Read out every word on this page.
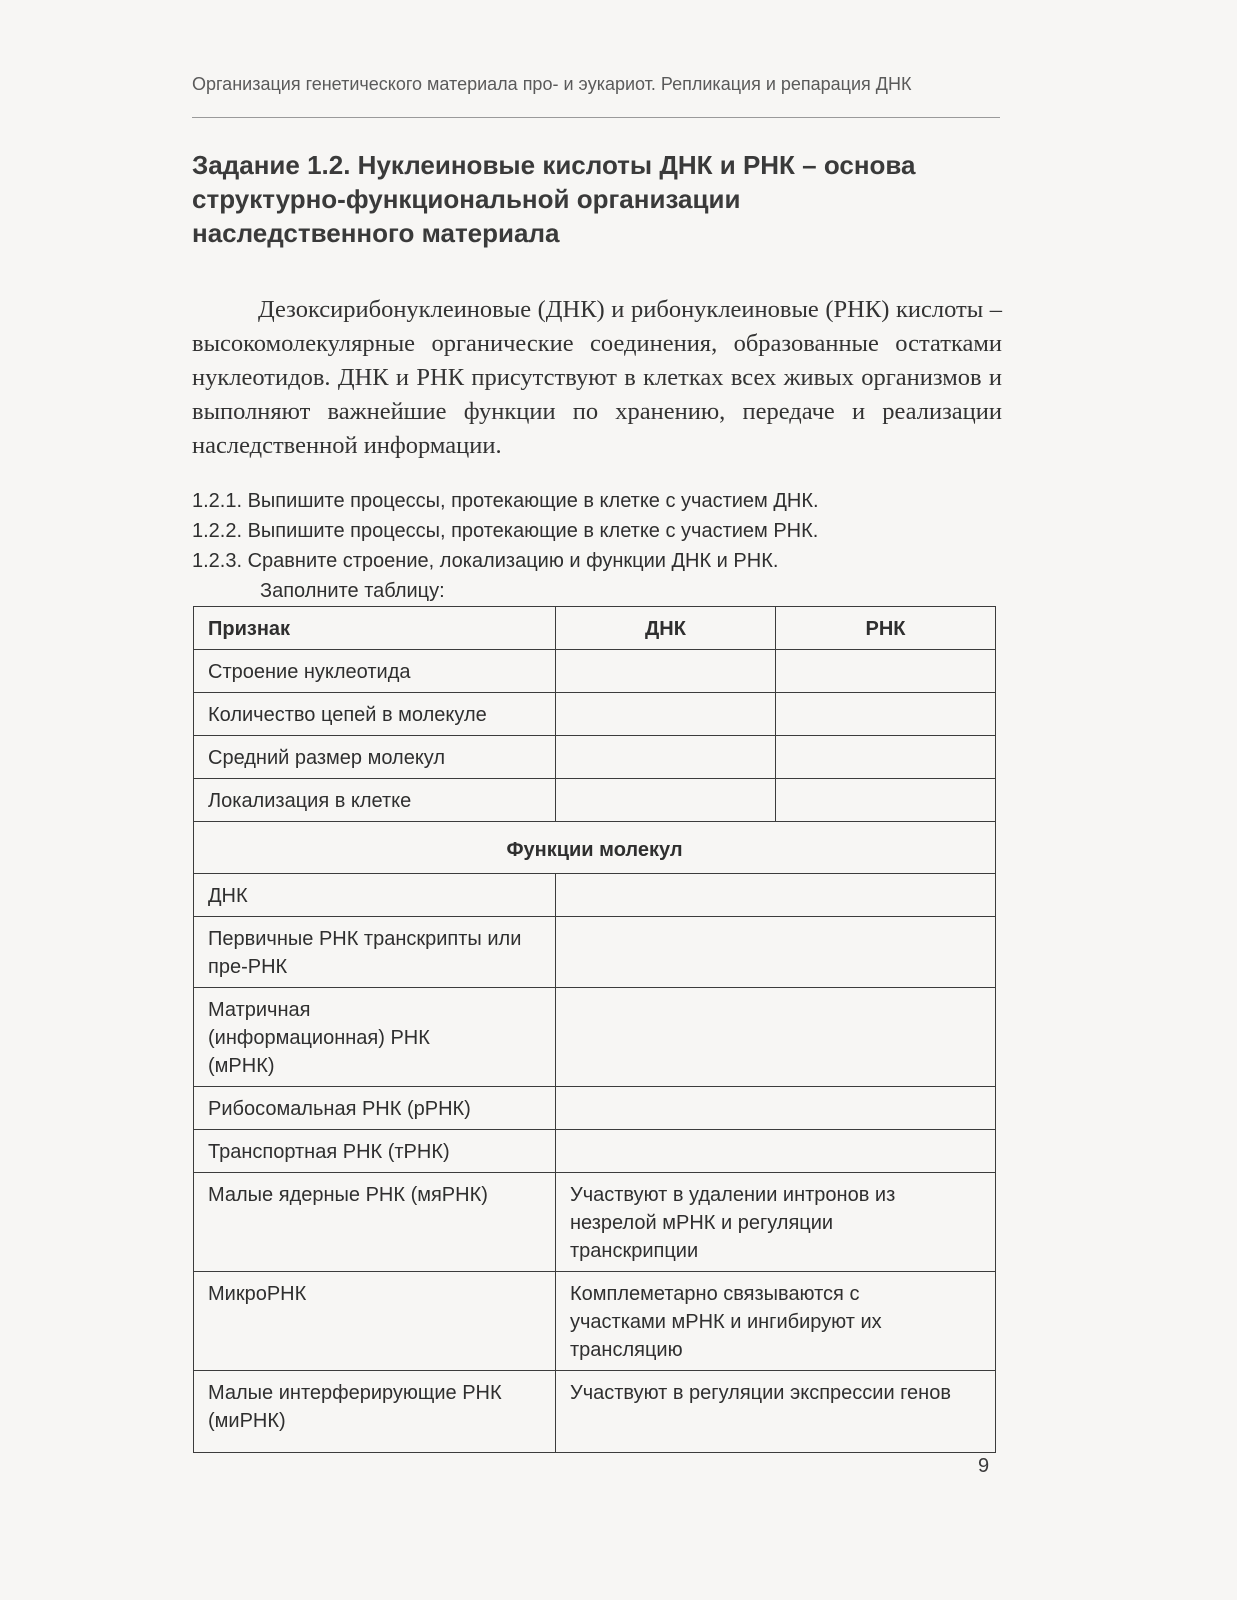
Организация генетического материала про- и эукариот. Репликация и репарация ДНК
Задание 1.2. Нуклеиновые кислоты ДНК и РНК – основа
структурно-функциональной организации
наследственного материала
Дезоксирибонуклеиновые (ДНК) и рибонуклеиновые (РНК) кислоты – высокомолекулярные органические соединения, образованные остатками нуклеотидов. ДНК и РНК присутствуют в клетках всех живых организмов и выполняют важнейшие функции по хранению, передаче и реализации наследственной информации.
1.2.1. Выпишите процессы, протекающие в клетке с участием ДНК.
1.2.2. Выпишите процессы, протекающие в клетке с участием РНК.
1.2.3. Сравните строение, локализацию и функции ДНК и РНК.
Заполните таблицу:
Признак	ДНК	РНК
Строение нуклеотида		
Количество цепей в молекуле		
Средний размер молекул		
Локализация в клетке		
Функции молекул		
ДНК		
Первичные РНК транскрипты или пре-РНК		
Матричная (информационная) РНК (мРНК)		
Рибосомальная РНК (рРНК)		
Транспортная РНК (тРНК)		
Малые ядерные РНК (мяРНК)	Участвуют в удалении интронов из незрелой мРНК и регуляции транскрипции	
МикроРНК	Комплеметарно связываются с участками мРНК и ингибируют их трансляцию	
Малые интерферирующие РНК (миРНК)	Участвуют в регуляции экспрессии генов	
9
